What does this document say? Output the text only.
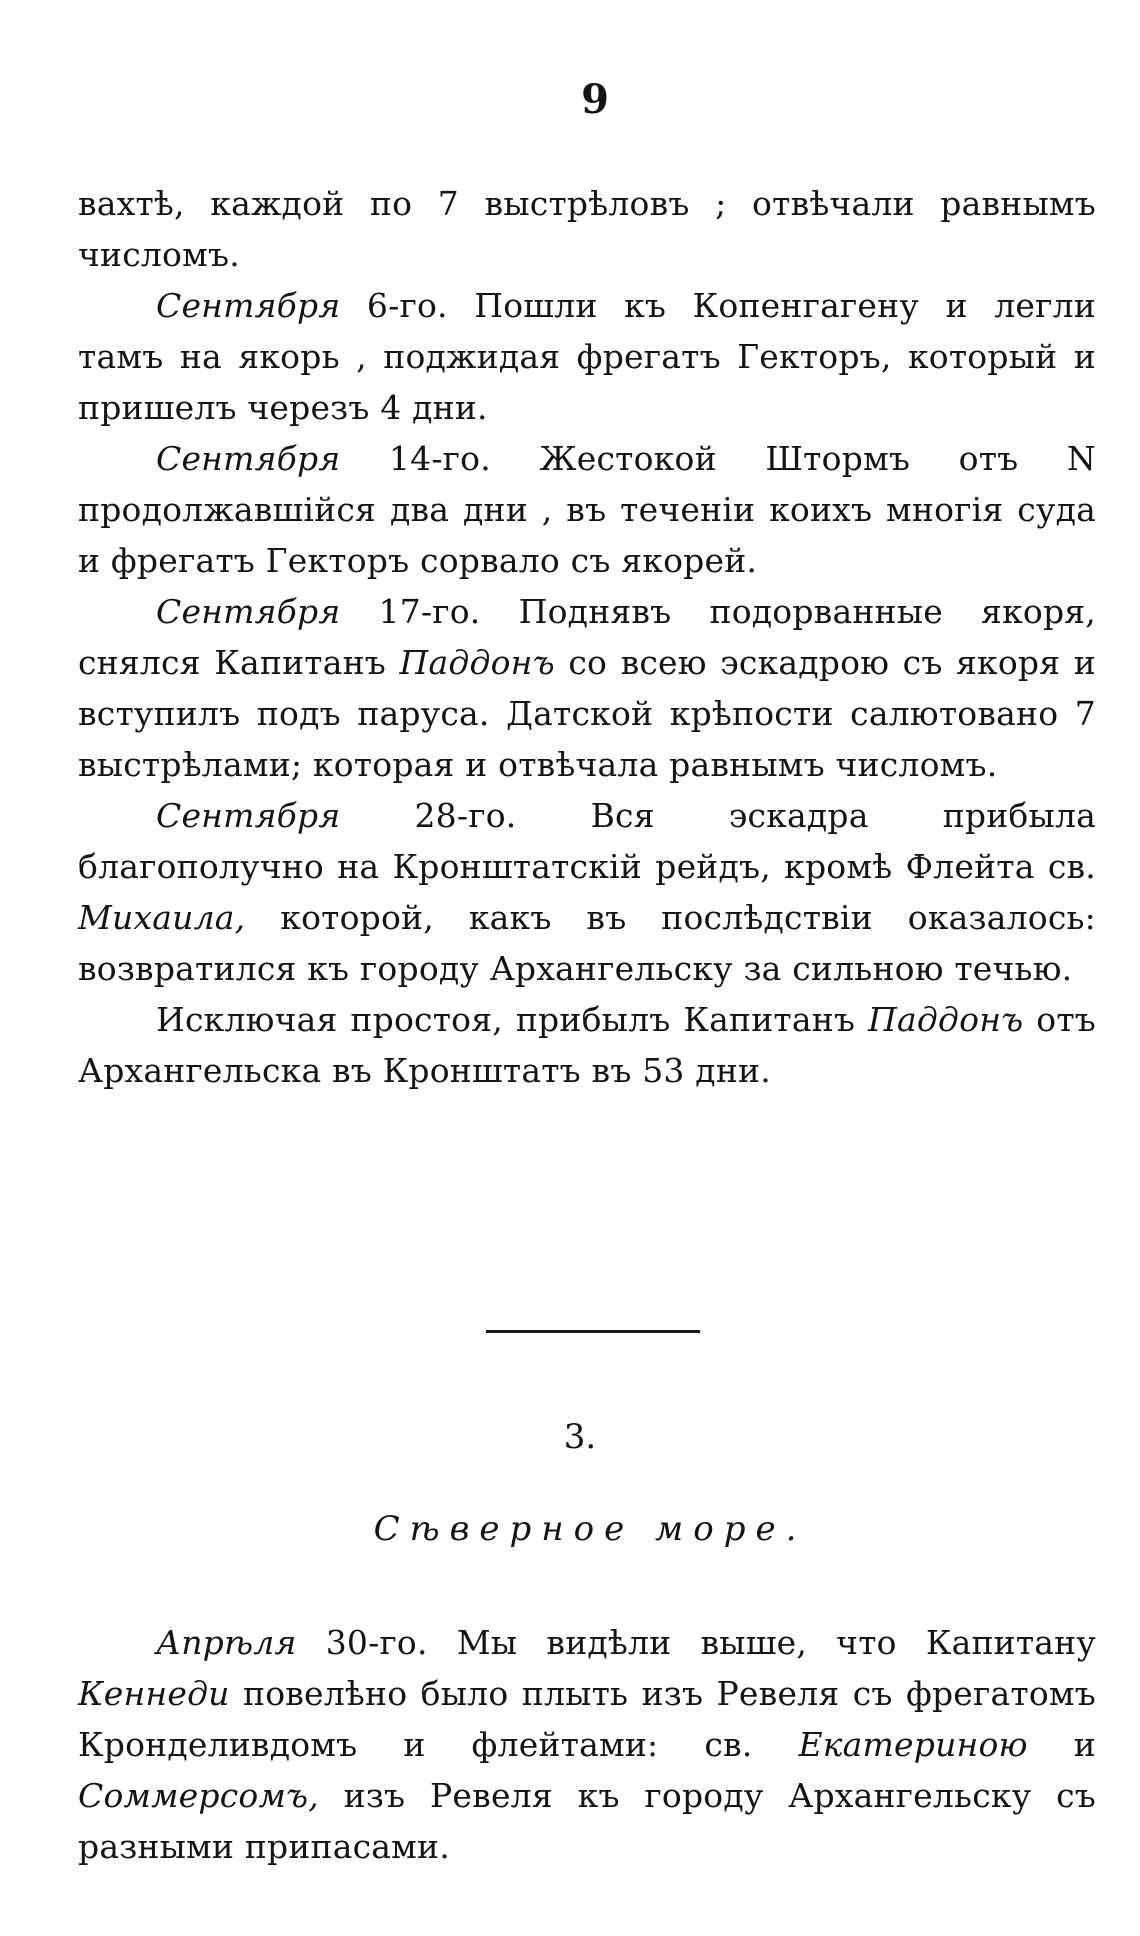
9

вахтѣ, каждой по 7 выстрѣловъ ; отвѣчали равнымъ числомъ.

Сентября 6-го. Пошли къ Копенгагену и легли тамъ на якорь , поджидая фрегатъ Гекторъ, который и пришелъ черезъ 4 дни.

Сентября 14-го. Жестокой Штормъ отъ N продолжавшійся два дни , въ теченіи коихъ многія суда и фрегатъ Гекторъ сорвало съ якорей.

Сентября 17-го. Поднявъ подорванные якоря, снялся Капитанъ Паддонъ со всею эскадрою съ якоря и вступилъ подъ паруса. Датской крѣпости салютовано 7 выстрѣлами; которая и отвѣчала равнымъ числомъ.

Сентября 28-го. Вся эскадра прибыла благополучно на Кронштатскій рейдъ, кромѣ Флейта св. Михаила, которой, какъ въ послѣдствіи оказалось: возвратился къ городу Архангельску за сильною течью.

Исключая простоя, прибылъ Капитанъ Паддонъ отъ Архангельска въ Кронштатъ въ 53 дни.

3.
Сѣверное море.

Апрѣля 30-го. Мы видѣли выше, что Капитану Кеннеди повелѣно было плыть изъ Ревеля съ фрегатомъ Кронделивдомъ и флейтами: св. Екатериною и Соммерсомъ, изъ Ревеля къ городу Архангельску съ разными припасами.
